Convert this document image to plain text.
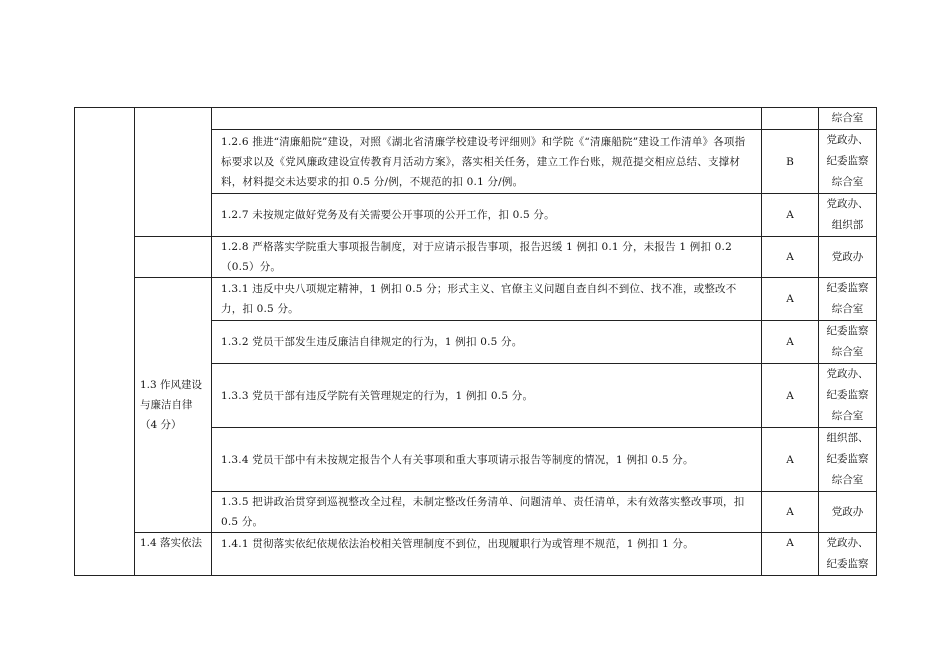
				综合室

		1.2.6 推进“清廉船院”建设，对照《湖北省清廉学校建设考评细则》和学院《“清廉船院”建设工作清单》各项指标要求以及《党风廉政建设宣传教育月活动方案》，落实相关任务，建立工作台账，规范提交相应总结、支撑材料，材料提交未达要求的扣 0.5 分/例，不规范的扣 0.1 分/例。	B	党政办、
纪委监察
综合室

		1.2.7 未按规定做好党务及有关需要公开事项的公开工作，扣 0.5 分。	A	党政办、
组织部

		1.2.8 严格落实学院重大事项报告制度，对于应请示报告事项，报告迟缓 1 例扣 0.1 分，未报告 1 例扣 0.2（0.5）分。	A	党政办

	1.3 作风建设
与廉洁自律
（4 分）	1.3.1 违反中央八项规定精神，1 例扣 0.5 分；形式主义、官僚主义问题自查自纠不到位、找不准，或整改不力，扣 0.5 分。	A	纪委监察
综合室

		1.3.2 党员干部发生违反廉洁自律规定的行为，1 例扣 0.5 分。	A	纪委监察
综合室

		1.3.3 党员干部有违反学院有关管理规定的行为，1 例扣 0.5 分。	A	党政办、
纪委监察
综合室

		1.3.4 党员干部中有未按规定报告个人有关事项和重大事项请示报告等制度的情况，1 例扣 0.5 分。	A	组织部、
纪委监察
综合室

		1.3.5 把讲政治贯穿到巡视整改全过程，未制定整改任务清单、问题清单、责任清单，未有效落实整改事项，扣 0.5 分。	A	党政办

	1.4 落实依法	1.4.1 贯彻落实依纪依规依法治校相关管理制度不到位，出现履职行为或管理不规范，1 例扣 1 分。	A	党政办、
纪委监察
